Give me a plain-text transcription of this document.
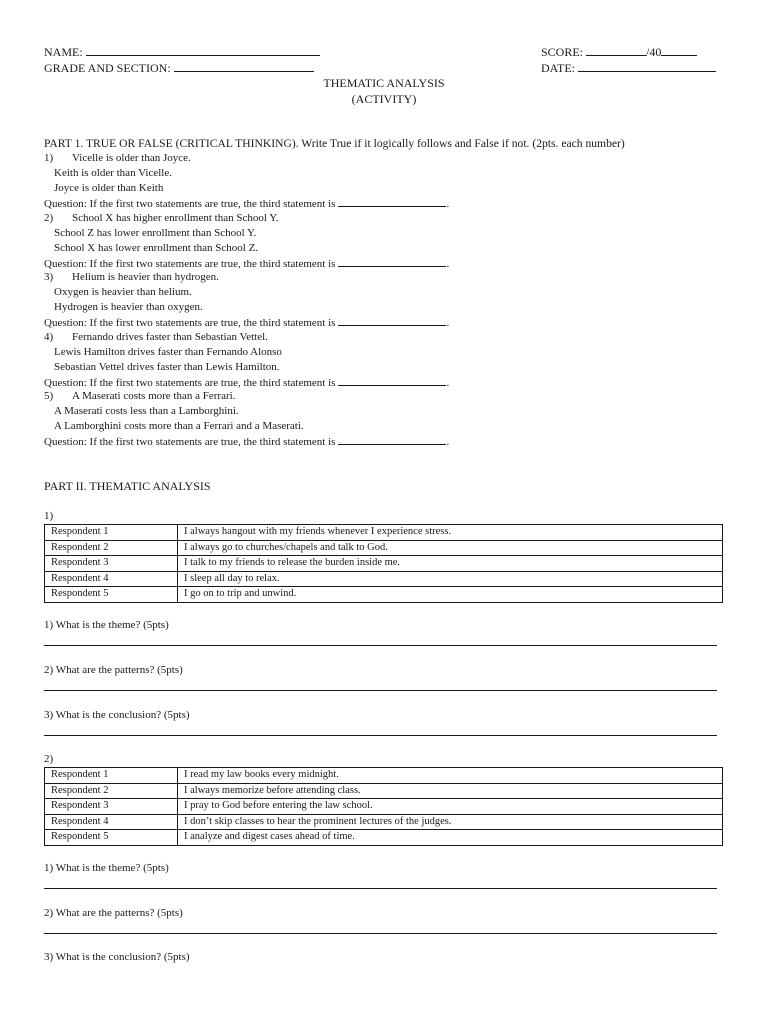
NAME:
GRADE AND SECTION:
SCORE:	/40
DATE:
THEMATIC ANALYSIS
(ACTIVITY)
PART 1. TRUE OR FALSE (CRITICAL THINKING). Write True if it logically follows and False if not. (2pts. each number)
1) Vicelle is older than Joyce.
Keith is older than Vicelle.
Joyce is older than Keith
Question: If the first two statements are true, the third statement is	.
2) School X has higher enrollment than School Y.
School Z has lower enrollment than School Y.
School X has lower enrollment than School Z.
Question: If the first two statements are true, the third statement is	.
3) Helium is heavier than hydrogen.
Oxygen is heavier than helium.
Hydrogen is heavier than oxygen.
Question: If the first two statements are true, the third statement is	.
4) Fernando drives faster than Sebastian Vettel.
Lewis Hamilton drives faster than Fernando Alonso
Sebastian Vettel drives faster than Lewis Hamilton.
Question: If the first two statements are true, the third statement is	.
5) A Maserati costs more than a Ferrari.
A Maserati costs less than a Lamborghini.
A Lamborghini costs more than a Ferrari and a Maserati.
Question: If the first two statements are true, the third statement is	.
PART II. THEMATIC ANALYSIS
1)
Respondent 1	I always hangout with my friends whenever I experience stress.
Respondent 2	I always go to churches/chapels and talk to God.
Respondent 3	I talk to my friends to release the burden inside me.
Respondent 4	I sleep all day to relax.
Respondent 5	I go on to trip and unwind.
1) What is the theme? (5pts)
2) What are the patterns? (5pts)
3) What is the conclusion? (5pts)
2)
Respondent 1	I read my law books every midnight.
Respondent 2	I always memorize before attending class.
Respondent 3	I pray to God before entering the law school.
Respondent 4	I don’t skip classes to hear the prominent lectures of the judges.
Respondent 5	I analyze and digest cases ahead of time.
1) What is the theme? (5pts)
2) What are the patterns? (5pts)
3) What is the conclusion? (5pts)
